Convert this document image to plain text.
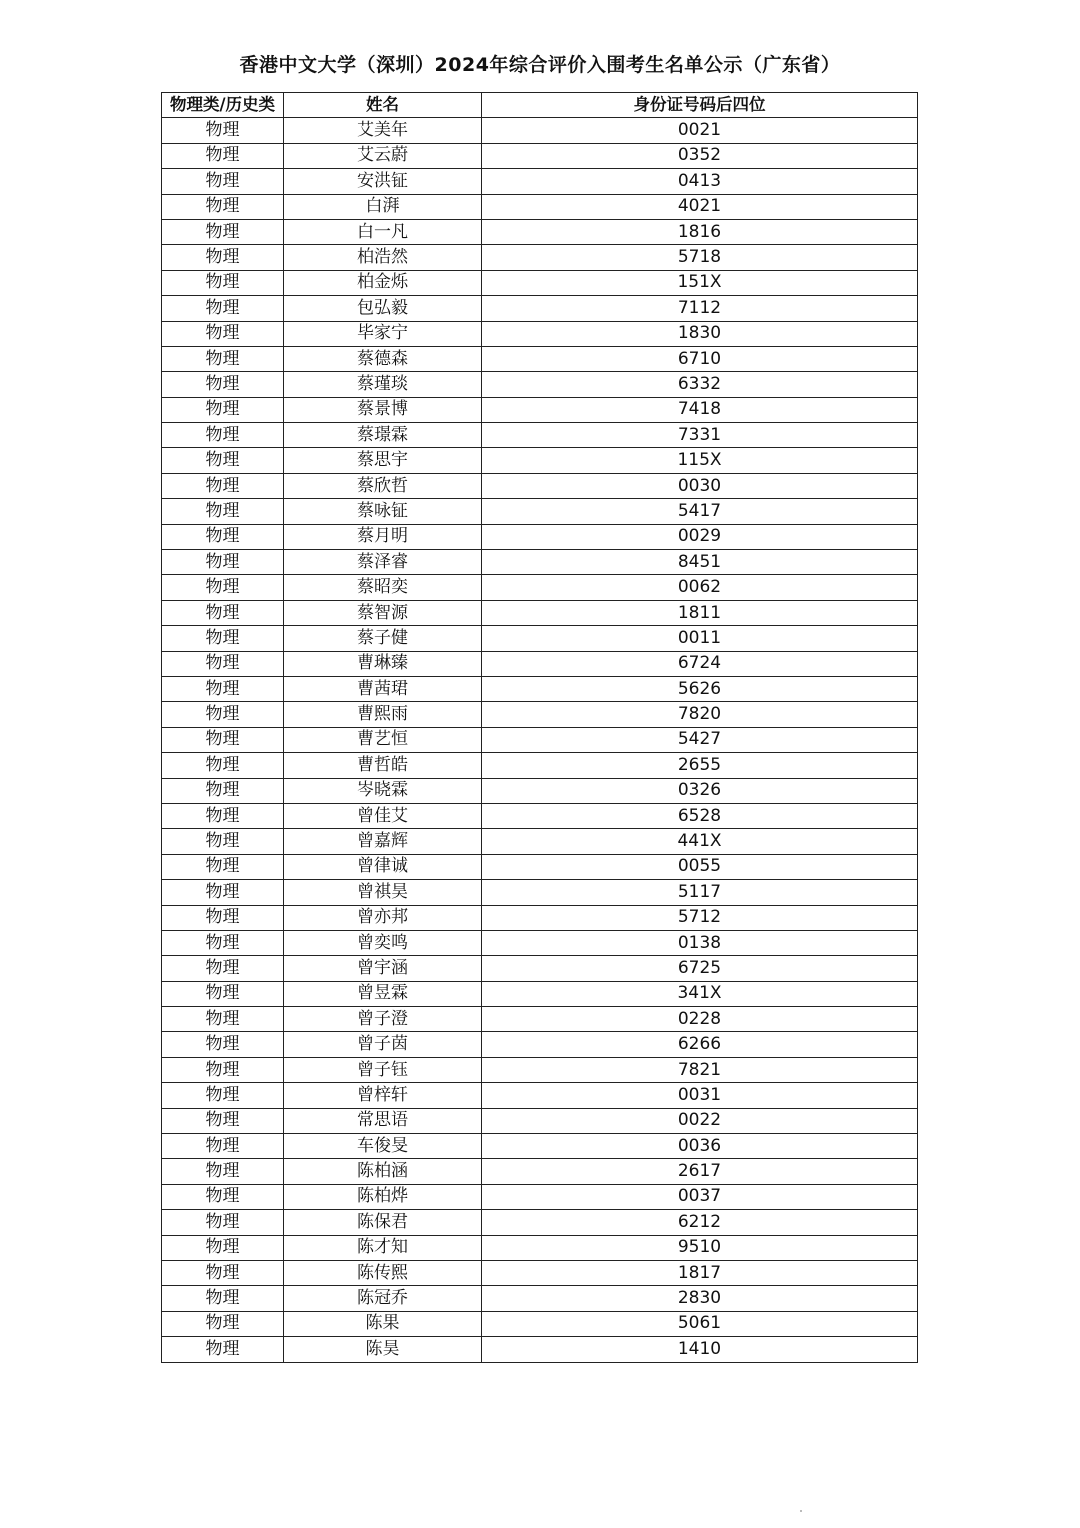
香港中文大学（深圳）2024年综合评价入围考生名单公示（广东省）
物理类/历史类	姓名	身份证号码后四位
物理	艾美年	0021
物理	艾云蔚	0352
物理	安洪钲	0413
物理	白湃	4021
物理	白一凡	1816
物理	柏浩然	5718
物理	柏金烁	151X
物理	包弘毅	7112
物理	毕家宁	1830
物理	蔡德森	6710
物理	蔡瑾琰	6332
物理	蔡景博	7418
物理	蔡璟霖	7331
物理	蔡思宇	115X
物理	蔡欣哲	0030
物理	蔡咏钲	5417
物理	蔡月明	0029
物理	蔡泽睿	8451
物理	蔡昭奕	0062
物理	蔡智源	1811
物理	蔡子健	0011
物理	曹琳臻	6724
物理	曹茜珺	5626
物理	曹熙雨	7820
物理	曹艺恒	5427
物理	曹哲皓	2655
物理	岑晓霖	0326
物理	曾佳艾	6528
物理	曾嘉辉	441X
物理	曾律诚	0055
物理	曾祺昊	5117
物理	曾亦邦	5712
物理	曾奕鸣	0138
物理	曾宇涵	6725
物理	曾昱霖	341X
物理	曾子澄	0228
物理	曾子茵	6266
物理	曾子钰	7821
物理	曾梓轩	0031
物理	常思语	0022
物理	车俊旻	0036
物理	陈柏涵	2617
物理	陈柏烨	0037
物理	陈保君	6212
物理	陈才知	9510
物理	陈传熙	1817
物理	陈冠乔	2830
物理	陈果	5061
物理	陈昊	1410
